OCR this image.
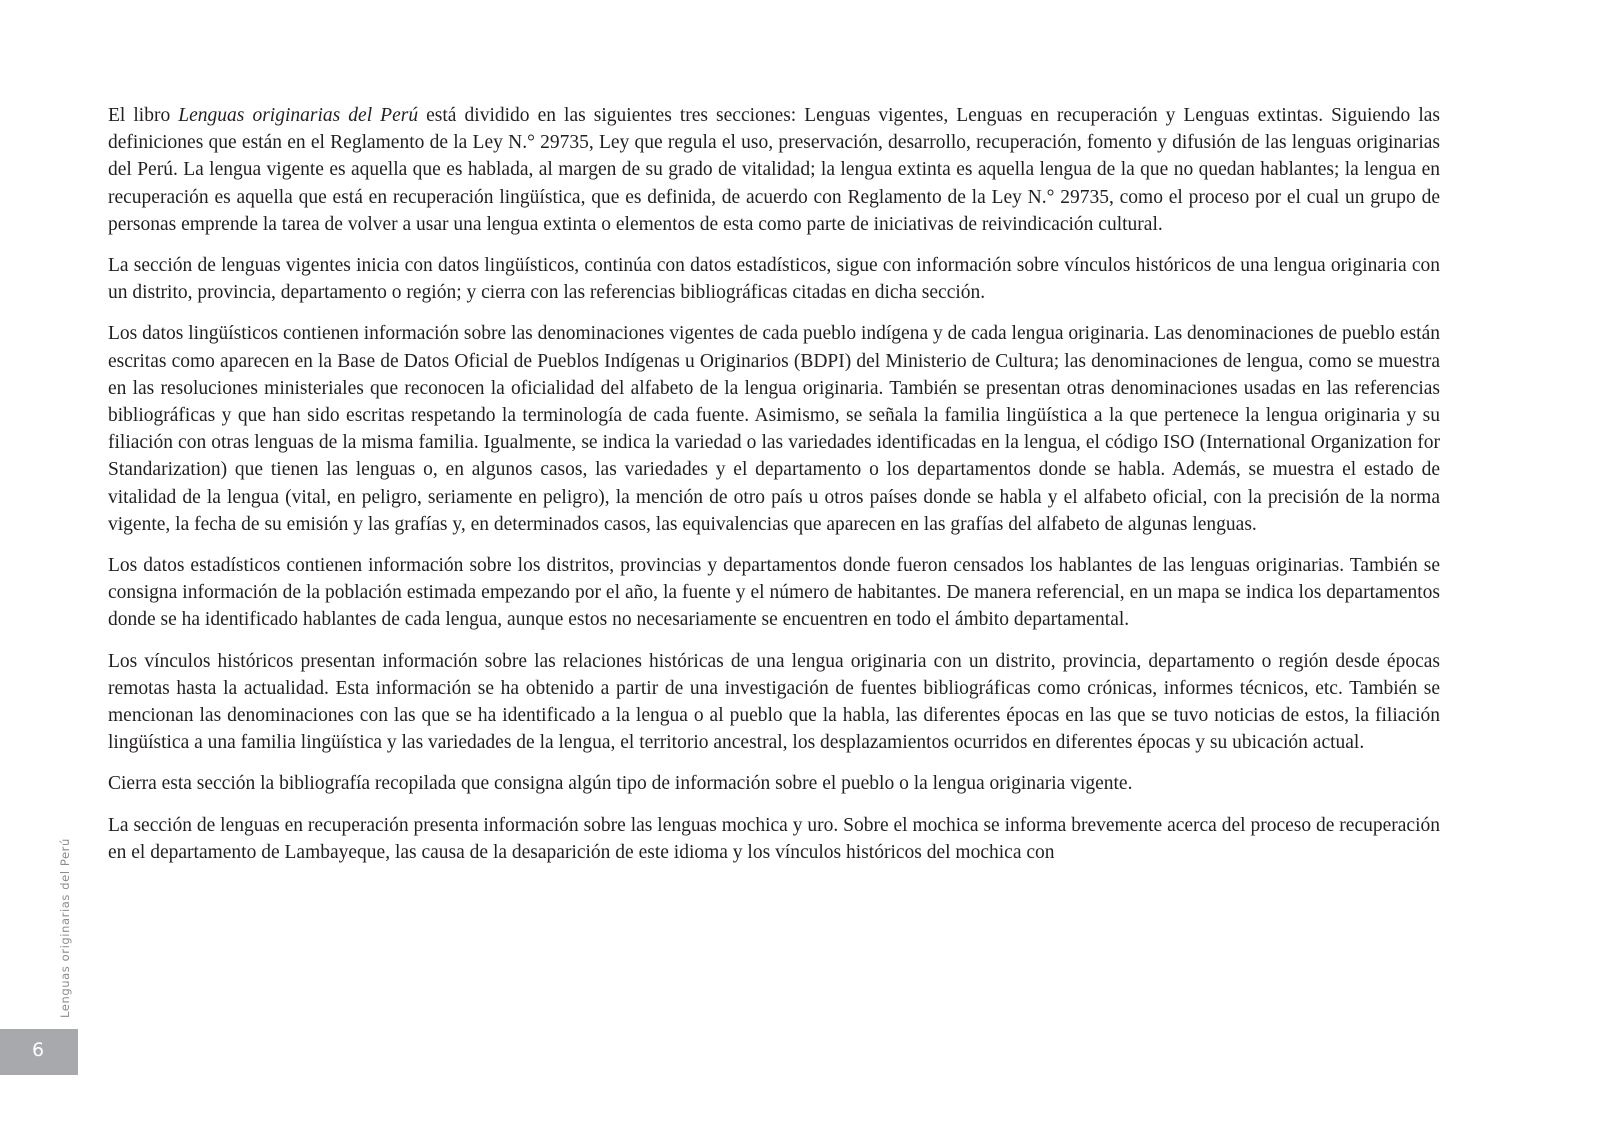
El libro Lenguas originarias del Perú está dividido en las siguientes tres secciones: Lenguas vigentes, Lenguas en recuperación y Lenguas extintas. Siguiendo las definiciones que están en el Reglamento de la Ley N.° 29735, Ley que regula el uso, preservación, desarrollo, recuperación, fomento y difusión de las lenguas originarias del Perú. La lengua vigente es aquella que es hablada, al margen de su grado de vitalidad; la lengua extinta es aquella lengua de la que no quedan hablantes; la lengua en recuperación es aquella que está en recuperación lingüística, que es definida, de acuerdo con Reglamento de la Ley N.° 29735, como el proceso por el cual un grupo de personas emprende la tarea de volver a usar una lengua extinta o elementos de esta como parte de iniciativas de reivindicación cultural.

La sección de lenguas vigentes inicia con datos lingüísticos, continúa con datos estadísticos, sigue con información sobre vínculos históricos de una lengua originaria con un distrito, provincia, departamento o región; y cierra con las referencias bibliográficas citadas en dicha sección.

Los datos lingüísticos contienen información sobre las denominaciones vigentes de cada pueblo indígena y de cada lengua originaria. Las denominaciones de pueblo están escritas como aparecen en la Base de Datos Oficial de Pueblos Indígenas u Originarios (BDPI) del Ministerio de Cultura; las denominaciones de lengua, como se muestra en las resoluciones ministeriales que reconocen la oficialidad del alfabeto de la lengua originaria. También se presentan otras denominaciones usadas en las referencias bibliográficas y que han sido escritas respetando la terminología de cada fuente. Asimismo, se señala la familia lingüística a la que pertenece la lengua originaria y su filiación con otras lenguas de la misma familia. Igualmente, se indica la variedad o las variedades identificadas en la lengua, el código ISO (International Organization for Standarization) que tienen las lenguas o, en algunos casos, las variedades y el departamento o los departamentos donde se habla. Además, se muestra el estado de vitalidad de la lengua (vital, en peligro, seriamente en peligro), la mención de otro país u otros países donde se habla y el alfabeto oficial, con la precisión de la norma vigente, la fecha de su emisión y las grafías y, en determinados casos, las equivalencias que aparecen en las grafías del alfabeto de algunas lenguas.

Los datos estadísticos contienen información sobre los distritos, provincias y departamentos donde fueron censados los hablantes de las lenguas originarias. También se consigna información de la población estimada empezando por el año, la fuente y el número de habitantes. De manera referencial, en un mapa se indica los departamentos donde se ha identificado hablantes de cada lengua, aunque estos no necesariamente se encuentren en todo el ámbito departamental.

Los vínculos históricos presentan información sobre las relaciones históricas de una lengua originaria con un distrito, provincia, departamento o región desde épocas remotas hasta la actualidad. Esta información se ha obtenido a partir de una investigación de fuentes bibliográficas como crónicas, informes técnicos, etc. También se mencionan las denominaciones con las que se ha identificado a la lengua o al pueblo que la habla, las diferentes épocas en las que se tuvo noticias de estos, la filiación lingüística a una familia lingüística y las variedades de la lengua, el territorio ancestral, los desplazamientos ocurridos en diferentes épocas y su ubicación actual.

Cierra esta sección la bibliografía recopilada que consigna algún tipo de información sobre el pueblo o la lengua originaria vigente.

La sección de lenguas en recuperación presenta información sobre las lenguas mochica y uro. Sobre el mochica se informa brevemente acerca del proceso de recuperación en el departamento de Lambayeque, las causa de la desaparición de este idioma y los vínculos históricos del mochica con

Lenguas originarias del Perú
6
